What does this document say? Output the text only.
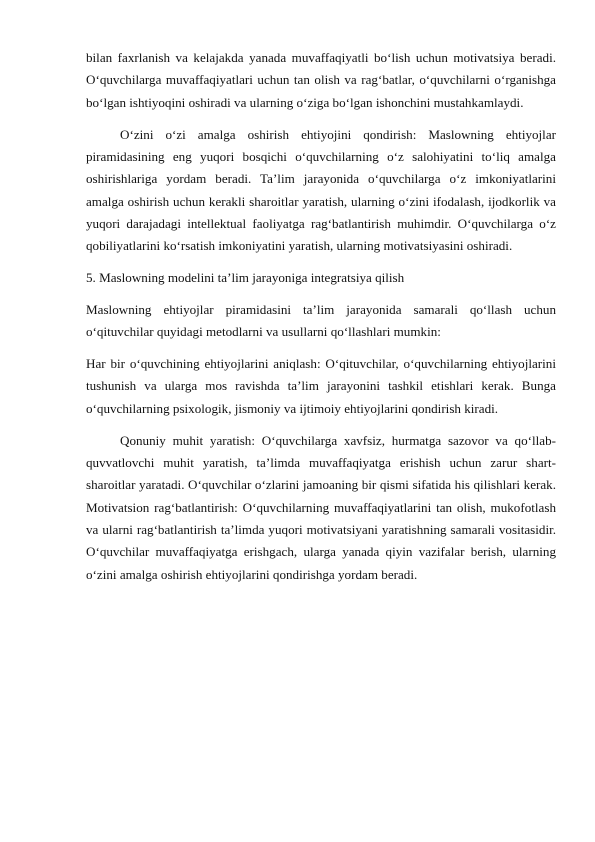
bilan faxrlanish va kelajakda yanada muvaffaqiyatli bo‘lish uchun motivatsiya beradi. O‘quvchilarga muvaffaqiyatlari uchun tan olish va rag‘batlar, o‘quvchilarni o‘rganishga bo‘lgan ishtiyoqini oshiradi va ularning o‘ziga bo‘lgan ishonchini mustahkamlaydi.

O‘zini o‘zi amalga oshirish ehtiyojini qondirish: Maslowning ehtiyojlar piramidasining eng yuqori bosqichi o‘quvchilarning o‘z salohiyatini to‘liq amalga oshirishlariga yordam beradi. Ta’lim jarayonida o‘quvchilarga o‘z imkoniyatlarini amalga oshirish uchun kerakli sharoitlar yaratish, ularning o‘zini ifodalash, ijodkorlik va yuqori darajadagi intellektual faoliyatga rag‘batlantirish muhimdir. O‘quvchilarga o‘z qobiliyatlarini ko‘rsatish imkoniyatini yaratish, ularning motivatsiyasini oshiradi.

5. Maslowning modelini ta’lim jarayoniga integratsiya qilish

Maslowning ehtiyojlar piramidasini ta’lim jarayonida samarali qo‘llash uchun o‘qituvchilar quyidagi metodlarni va usullarni qo‘llashlari mumkin:

Har bir o‘quvchining ehtiyojlarini aniqlash: O‘qituvchilar, o‘quvchilarning ehtiyojlarini tushunish va ularga mos ravishda ta’lim jarayonini tashkil etishlari kerak. Bunga o‘quvchilarning psixologik, jismoniy va ijtimoiy ehtiyojlarini qondirish kiradi.

Qonuniy muhit yaratish: O‘quvchilarga xavfsiz, hurmatga sazovor va qo‘llab-quvvatlovchi muhit yaratish, ta’limda muvaffaqiyatga erishish uchun zarur shart-sharoitlar yaratadi. O‘quvchilar o‘zlarini jamoaning bir qismi sifatida his qilishlari kerak. Motivatsion rag‘batlantirish: O‘quvchilarning muvaffaqiyatlarini tan olish, mukofotlash va ularni rag‘batlantirish ta’limda yuqori motivatsiyani yaratishning samarali vositasidir. O‘quvchilar muvaffaqiyatga erishgach, ularga yanada qiyin vazifalar berish, ularning o‘zini amalga oshirish ehtiyojlarini qondirishga yordam beradi.
